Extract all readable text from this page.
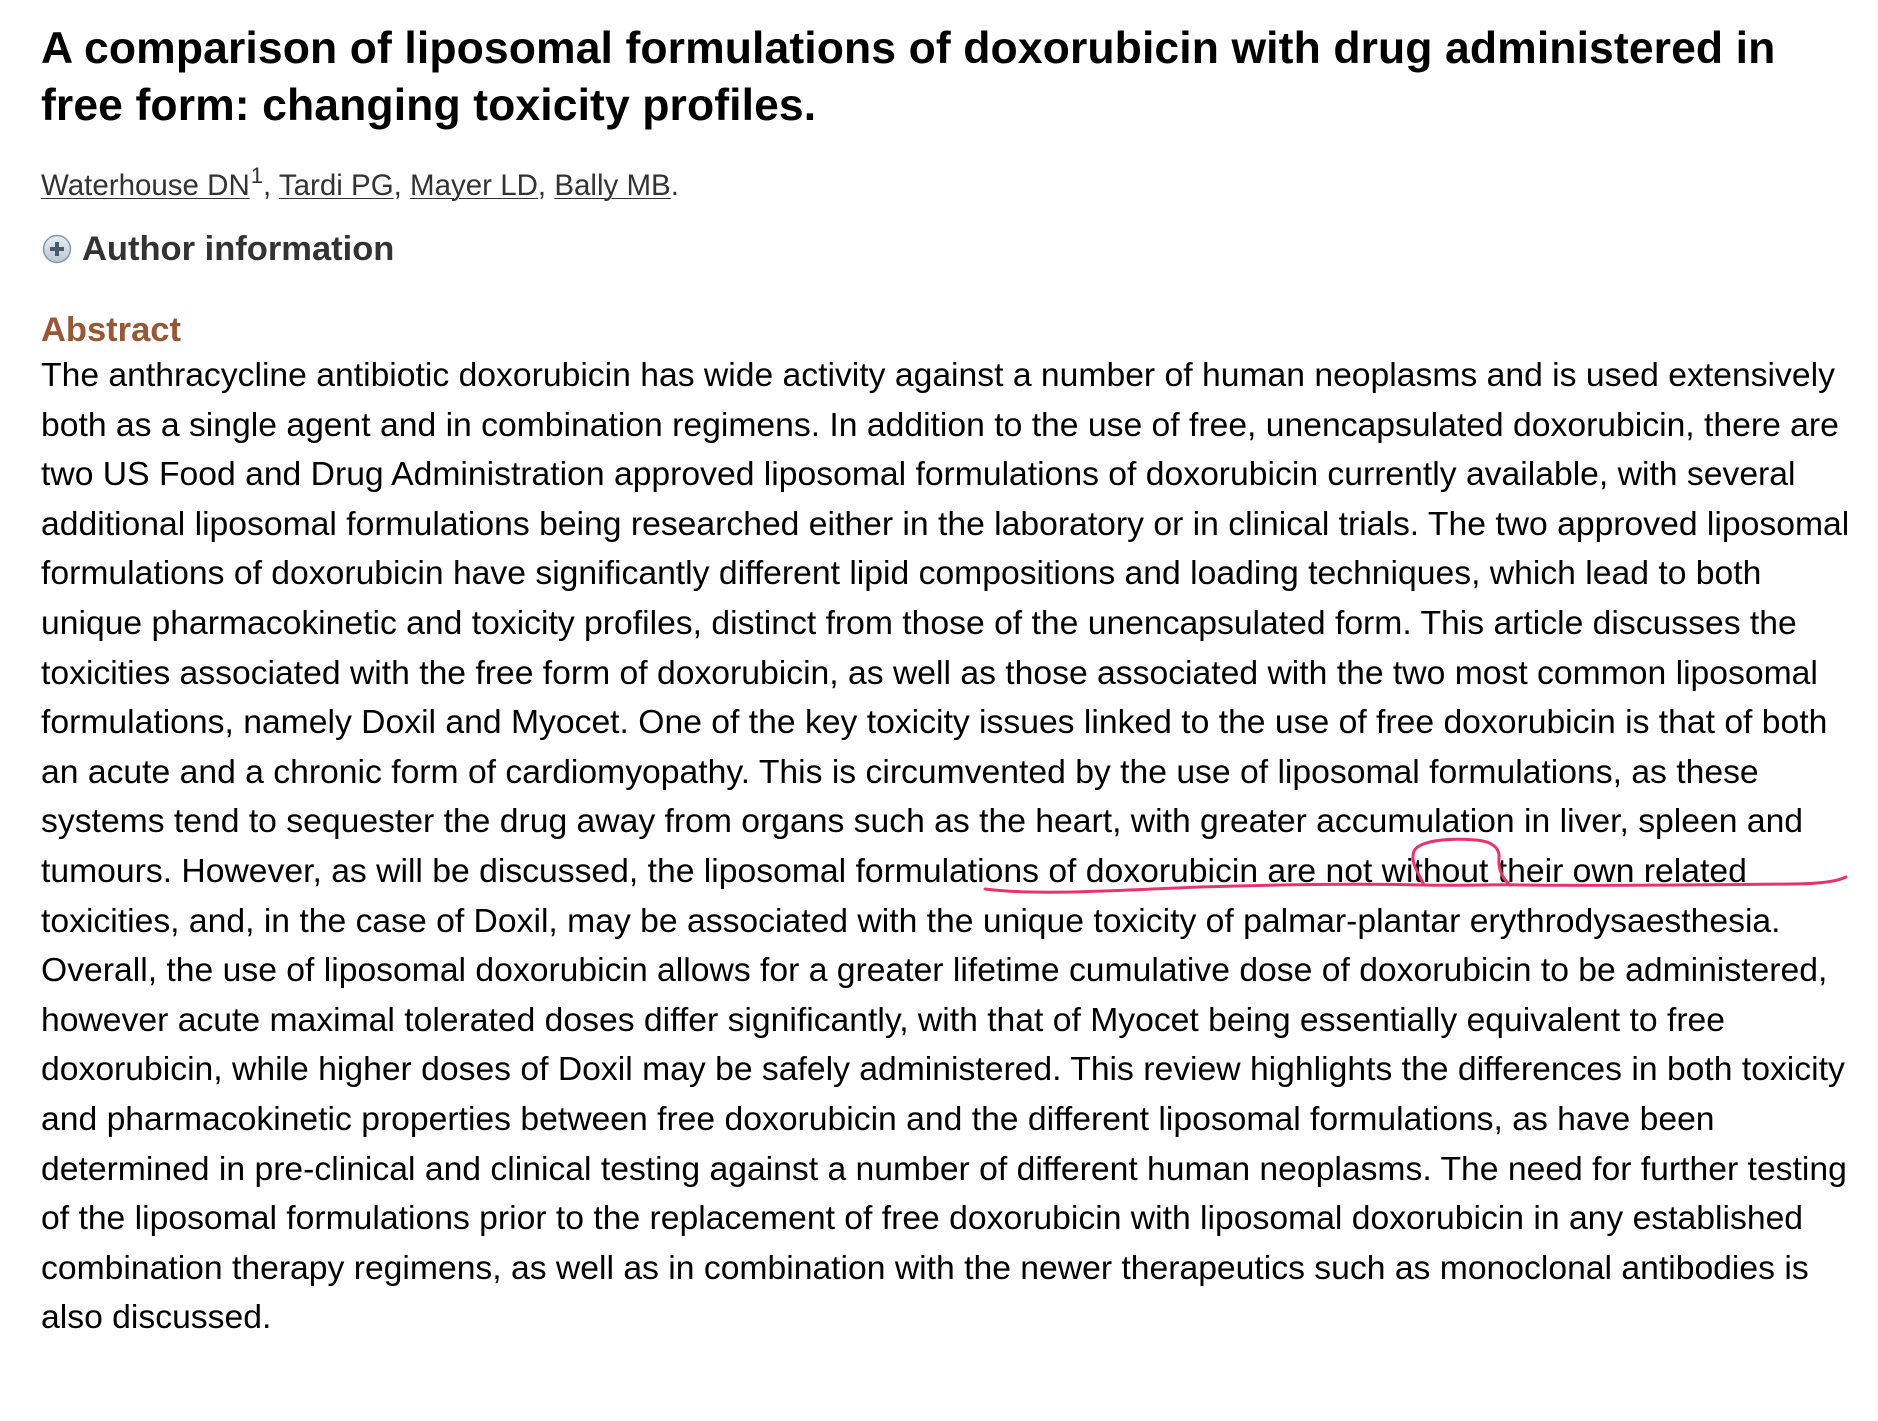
A comparison of liposomal formulations of doxorubicin with drug administered in free form: changing toxicity profiles.
Waterhouse $DN^1$, Tardi PG, Mayer LD, Bally MB.
Author information
Abstract
The anthracycline antibiotic doxorubicin has wide activity against a number of human neoplasms and is used extensively both as a single agent and in combination regimens. In addition to the use of free, unencapsulated doxorubicin, there are two US Food and Drug Administration approved liposomal formulations of doxorubicin currently available, with several additional liposomal formulations being researched either in the laboratory or in clinical trials. The two approved liposomal formulations of doxorubicin have significantly different lipid compositions and loading techniques, which lead to both unique pharmacokinetic and toxicity profiles, distinct from those of the unencapsulated form. This article discusses the toxicities associated with the free form of doxorubicin, as well as those associated with the two most common liposomal formulations, namely Doxil and Myocet. One of the key toxicity issues linked to the use of free doxorubicin is that of both an acute and a chronic form of cardiomyopathy. This is circumvented by the use of liposomal formulations, as these systems tend to sequester the drug away from organs such as the heart, with greater accumulation in liver, spleen and tumours. However, as will be discussed, the liposomal formulations of doxorubicin are not without their own related toxicities, and, in the case of Doxil, may be associated with the unique toxicity of palmar-plantar erythrodysaesthesia. Overall, the use of liposomal doxorubicin allows for a greater lifetime cumulative dose of doxorubicin to be administered, however acute maximal tolerated doses differ significantly, with that of Myocet being essentially equivalent to free doxorubicin, while higher doses of Doxil may be safely administered. This review highlights the differences in both toxicity and pharmacokinetic properties between free doxorubicin and the different liposomal formulations, as have been determined in pre-clinical and clinical testing against a number of different human neoplasms. The need for further testing of the liposomal formulations prior to the replacement of free doxorubicin with liposomal doxorubicin in any established combination therapy regimens, as well as in combination with the newer therapeutics such as monoclonal antibodies is also discussed.
